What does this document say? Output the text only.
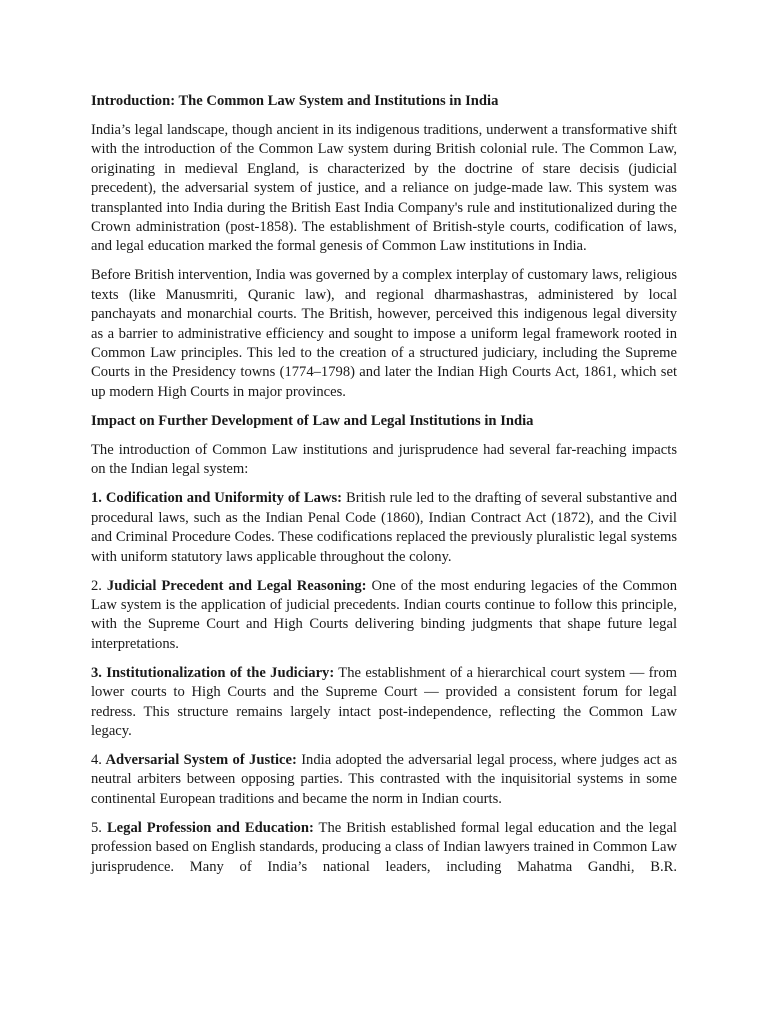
Introduction: The Common Law System and Institutions in India

India’s legal landscape, though ancient in its indigenous traditions, underwent a transformative shift with the introduction of the Common Law system during British colonial rule. The Common Law, originating in medieval England, is characterized by the doctrine of stare decisis (judicial precedent), the adversarial system of justice, and a reliance on judge-made law. This system was transplanted into India during the British East India Company's rule and institutionalized during the Crown administration (post-1858). The establishment of British-style courts, codification of laws, and legal education marked the formal genesis of Common Law institutions in India.

Before British intervention, India was governed by a complex interplay of customary laws, religious texts (like Manusmriti, Quranic law), and regional dharmashastras, administered by local panchayats and monarchial courts. The British, however, perceived this indigenous legal diversity as a barrier to administrative efficiency and sought to impose a uniform legal framework rooted in Common Law principles. This led to the creation of a structured judiciary, including the Supreme Courts in the Presidency towns (1774–1798) and later the Indian High Courts Act, 1861, which set up modern High Courts in major provinces.

Impact on Further Development of Law and Legal Institutions in India

The introduction of Common Law institutions and jurisprudence had several far-reaching impacts on the Indian legal system:

1. Codification and Uniformity of Laws: British rule led to the drafting of several substantive and procedural laws, such as the Indian Penal Code (1860), Indian Contract Act (1872), and the Civil and Criminal Procedure Codes. These codifications replaced the previously pluralistic legal systems with uniform statutory laws applicable throughout the colony.

2. Judicial Precedent and Legal Reasoning: One of the most enduring legacies of the Common Law system is the application of judicial precedents. Indian courts continue to follow this principle, with the Supreme Court and High Courts delivering binding judgments that shape future legal interpretations.

3. Institutionalization of the Judiciary: The establishment of a hierarchical court system — from lower courts to High Courts and the Supreme Court — provided a consistent forum for legal redress. This structure remains largely intact post-independence, reflecting the Common Law legacy.

4. Adversarial System of Justice: India adopted the adversarial legal process, where judges act as neutral arbiters between opposing parties. This contrasted with the inquisitorial systems in some continental European traditions and became the norm in Indian courts.

5. Legal Profession and Education: The British established formal legal education and the legal profession based on English standards, producing a class of Indian lawyers trained in Common Law jurisprudence. Many of India’s national leaders, including Mahatma Gandhi, B.R.
